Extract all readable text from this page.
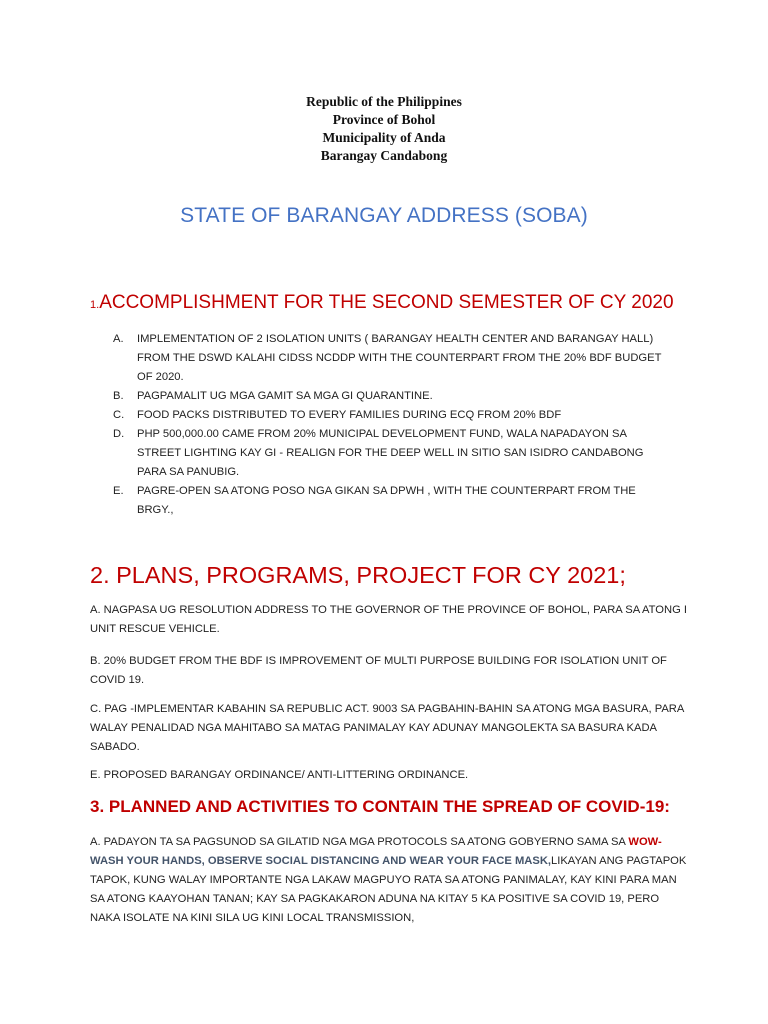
Republic of the Philippines
Province of Bohol
Municipality of Anda
Barangay Candabong
STATE OF BARANGAY ADDRESS (SOBA)
1.ACCOMPLISHMENT FOR THE SECOND SEMESTER OF CY 2020
A. IMPLEMENTATION OF 2 ISOLATION UNITS ( BARANGAY HEALTH CENTER AND BARANGAY HALL) FROM THE DSWD KALAHI CIDSS NCDDP WITH THE COUNTERPART FROM THE 20% BDF BUDGET OF 2020.
B. PAGPAMALIT UG MGA GAMIT SA MGA GI QUARANTINE.
C. FOOD PACKS DISTRIBUTED TO EVERY FAMILIES DURING ECQ FROM 20% BDF
D. PHP 500,000.00 CAME FROM 20% MUNICIPAL DEVELOPMENT FUND, WALA NAPADAYON SA STREET LIGHTING KAY GI - REALIGN FOR THE DEEP WELL IN SITIO SAN ISIDRO CANDABONG PARA SA PANUBIG.
E. PAGRE-OPEN SA ATONG POSO NGA GIKAN SA DPWH , WITH THE COUNTERPART FROM THE BRGY.,
2. PLANS, PROGRAMS, PROJECT FOR CY 2021;

A. NAGPASA UG RESOLUTION ADDRESS TO THE GOVERNOR OF THE PROVINCE OF BOHOL, PARA SA ATONG I UNIT RESCUE VEHICLE.

B. 20% BUDGET FROM THE BDF IS IMPROVEMENT OF MULTI PURPOSE BUILDING FOR ISOLATION UNIT OF COVID 19.

C. PAG -IMPLEMENTAR KABAHIN SA REPUBLIC ACT. 9003 SA PAGBAHIN-BAHIN SA ATONG MGA BASURA, PARA WALAY PENALIDAD NGA MAHITABO SA MATAG PANIMALAY KAY ADUNAY MANGOLEKTA SA BASURA KADA SABADO.

E. PROPOSED BARANGAY ORDINANCE/ ANTI-LITTERING ORDINANCE.

3. PLANNED AND ACTIVITIES TO CONTAIN THE SPREAD OF COVID-19:

A. PADAYON TA SA PAGSUNOD SA GILATID NGA MGA PROTOCOLS SA ATONG GOBYERNO SAMA SA WOW- WASH YOUR HANDS, OBSERVE SOCIAL DISTANCING AND WEAR YOUR FACE MASK,LIKAYAN ANG PAGTAPOK TAPOK, KUNG WALAY IMPORTANTE NGA LAKAW MAGPUYO RATA SA ATONG PANIMALAY, KAY KINI PARA MAN SA ATONG KAAYOHAN TANAN; KAY SA PAGKAKARON ADUNA NA KITAY 5 KA POSITIVE SA COVID 19, PERO NAKA ISOLATE NA KINI SILA UG KINI LOCAL TRANSMISSION,
